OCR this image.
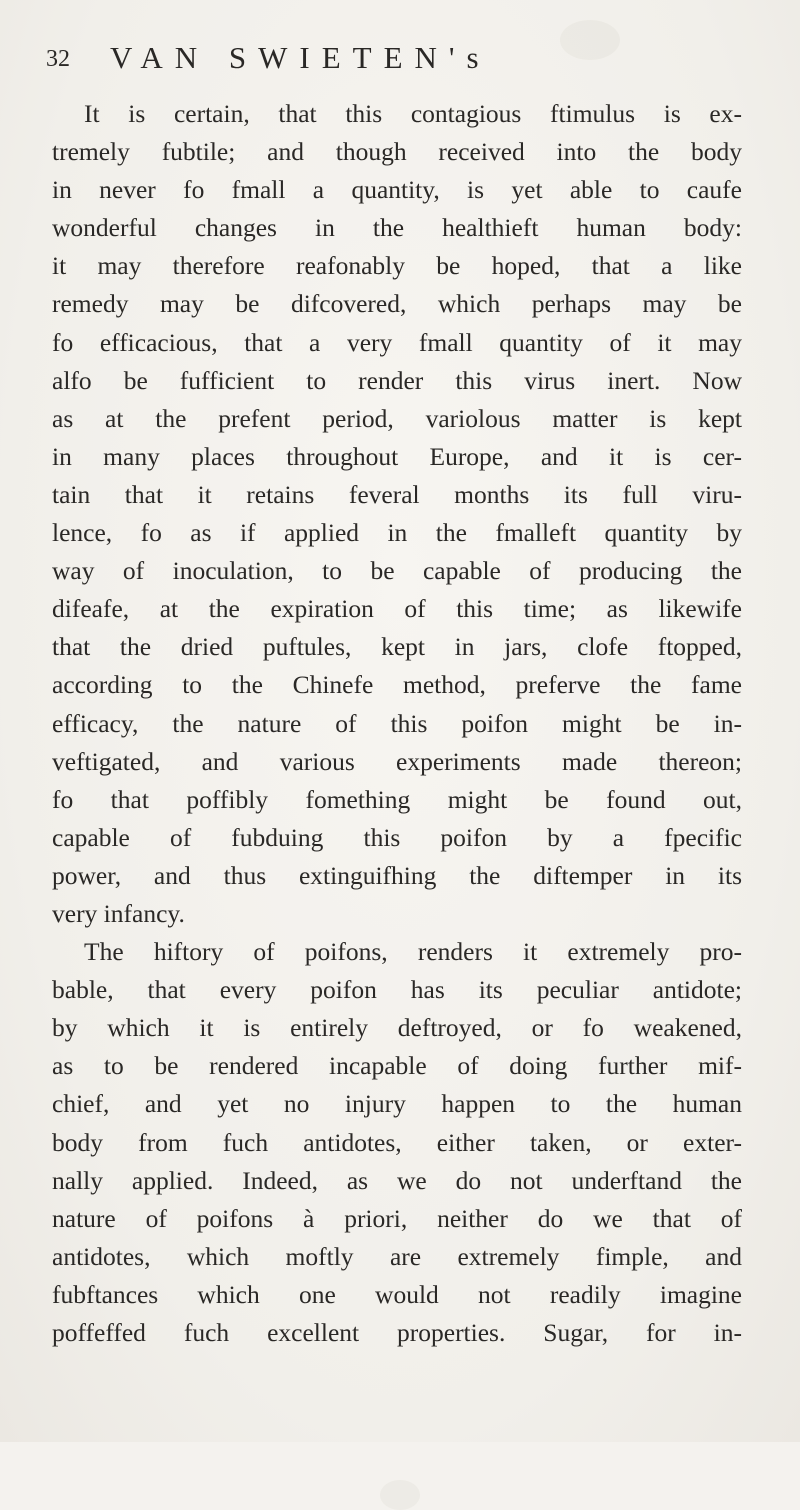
32 VAN SWIETEN's
It is certain, that this contagious ftimulus is ex-
tremely fubtile; and though received into the body
in never fo fmall a quantity, is yet able to caufe
wonderful changes in the healthieft human body:
it may therefore reafonably be hoped, that a like
remedy may be difcovered, which perhaps may be
fo efficacious, that a very fmall quantity of it may
alfo be fufficient to render this virus inert. Now
as at the prefent period, variolous matter is kept
in many places throughout Europe, and it is cer-
tain that it retains feveral months its full viru-
lence, fo as if applied in the fmalleft quantity by
way of inoculation, to be capable of producing the
difeafe, at the expiration of this time; as likewife
that the dried puftules, kept in jars, clofe ftopped,
according to the Chinefe method, preferve the fame
efficacy, the nature of this poifon might be in-
veftigated, and various experiments made thereon;
fo that poffibly fomething might be found out,
capable of fubduing this poifon by a fpecific
power, and thus extinguifhing the diftemper in its
very infancy.
The hiftory of poifons, renders it extremely pro-
bable, that every poifon has its peculiar antidote;
by which it is entirely deftroyed, or fo weakened,
as to be rendered incapable of doing further mif-
chief, and yet no injury happen to the human
body from fuch antidotes, either taken, or exter-
nally applied. Indeed, as we do not underftand the
nature of poifons à priori, neither do we that of
antidotes, which moftly are extremely fimple, and
fubftances which one would not readily imagine
poffeffed fuch excellent properties. Sugar, for in-
